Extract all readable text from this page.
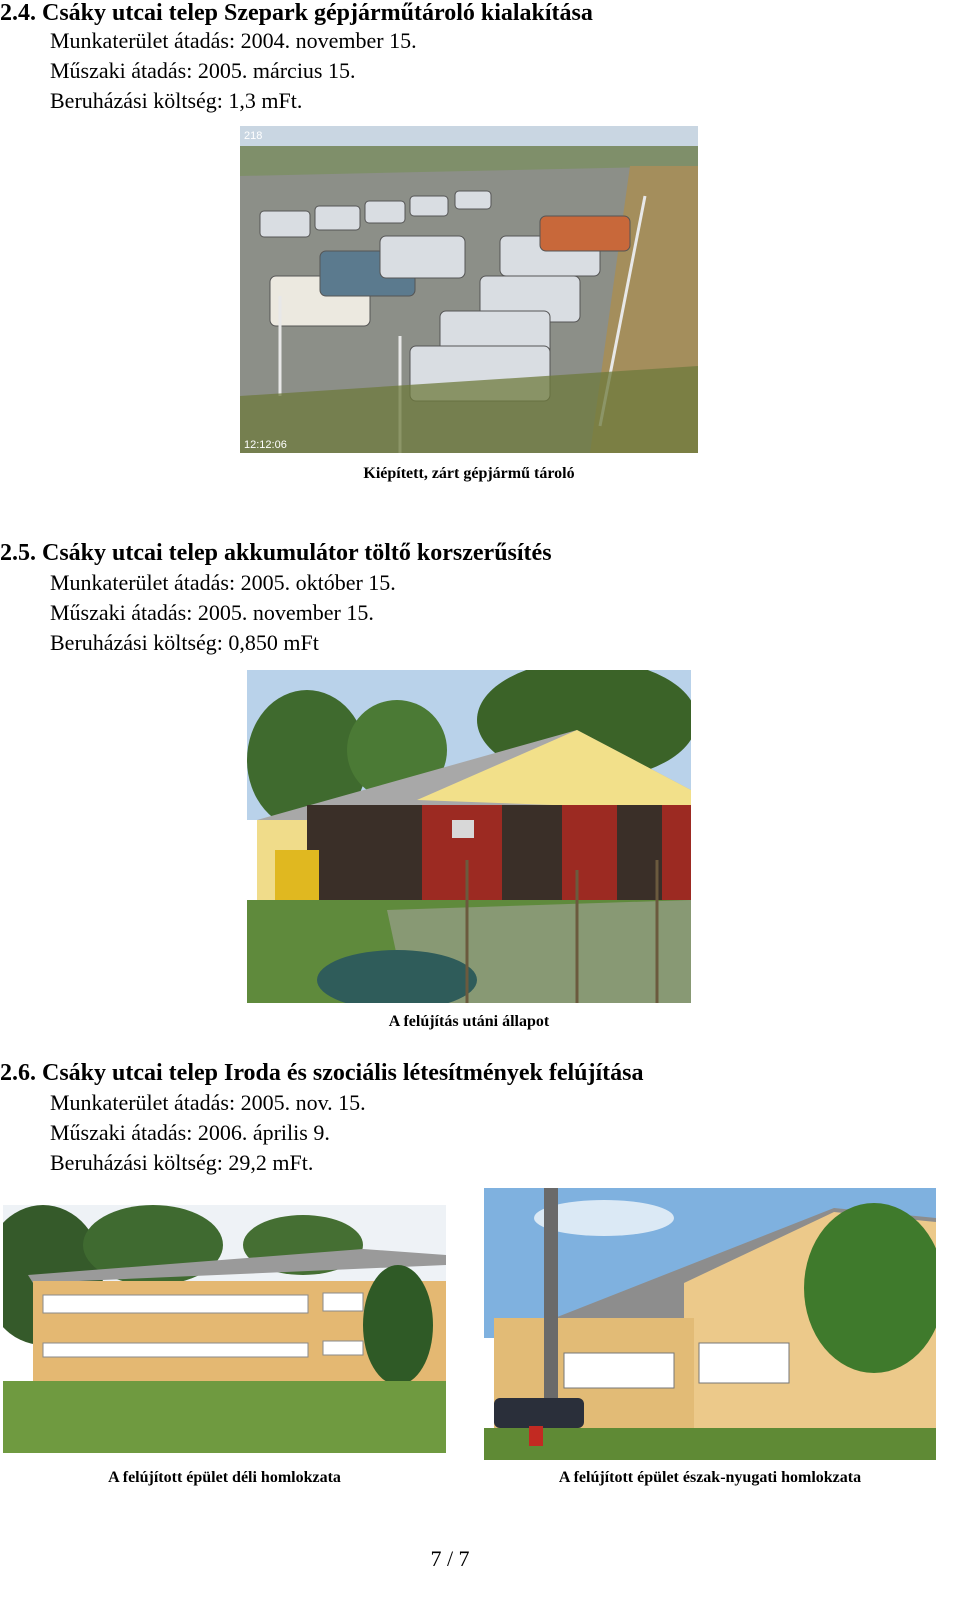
2.4. Csáky utcai telep Szepark gépjárműtároló kialakítása
Munkaterület átadás: 2004. november 15.
Műszaki átadás: 2005. március 15.
Beruházási költség: 1,3 mFt.
218
12:12:06
Kiépített, zárt gépjármű tároló
2.5. Csáky utcai telep akkumulátor töltő korszerűsítés
Munkaterület átadás: 2005. október 15.
Műszaki átadás: 2005. november 15.
Beruházási költség: 0,850 mFt
A felújítás utáni állapot
2.6. Csáky utcai telep Iroda és szociális létesítmények felújítása
Munkaterület átadás: 2005. nov. 15.
Műszaki átadás: 2006. április 9.
Beruházási költség: 29,2 mFt.
A felújított épület déli homlokzata	A felújított épület észak-nyugati homlokzata
7 / 7
